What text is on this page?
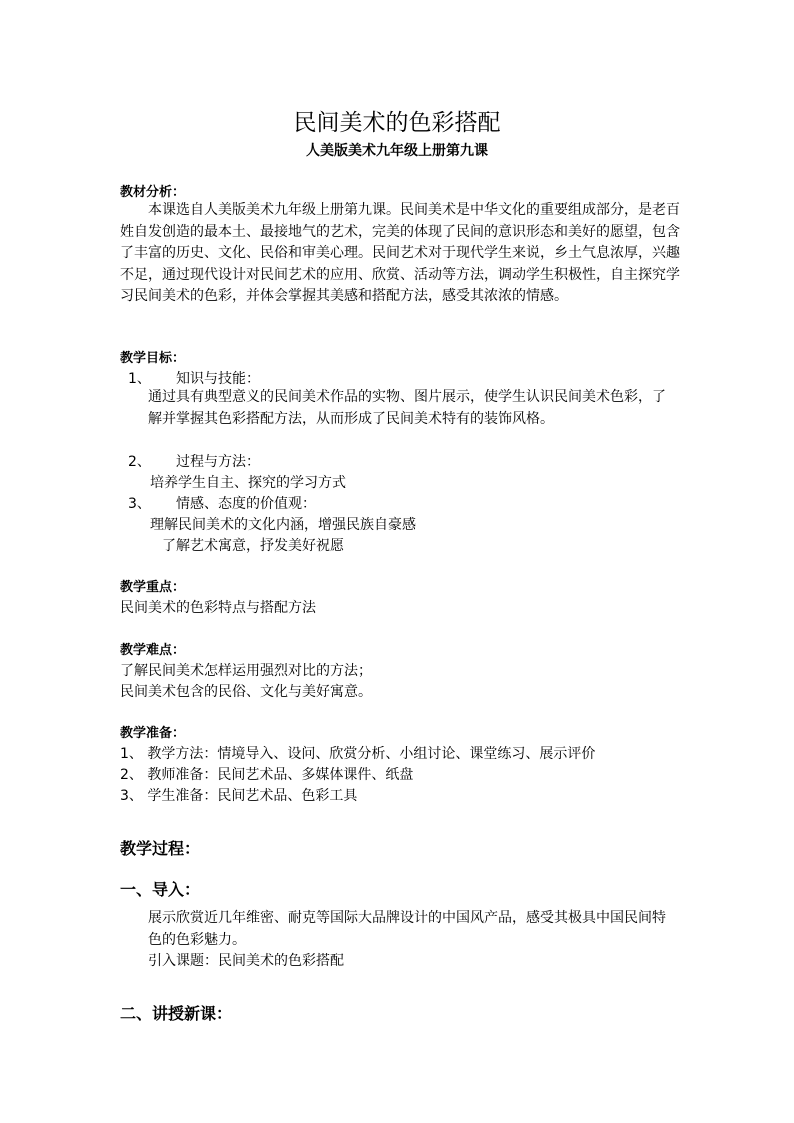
民间美术的色彩搭配
人美版美术九年级上册第九课
教材分析：
本课选自人美版美术九年级上册第九课。民间美术是中华文化的重要组成部分，是老百姓自发创造的最本土、最接地气的艺术，完美的体现了民间的意识形态和美好的愿望，包含了丰富的历史、文化、民俗和审美心理。民间艺术对于现代学生来说，乡土气息浓厚，兴趣不足，通过现代设计对民间艺术的应用、欣赏、活动等方法，调动学生积极性，自主探究学习民间美术的色彩，并体会掌握其美感和搭配方法，感受其浓浓的情感。
教学目标：
1、 知识与技能：
通过具有典型意义的民间美术作品的实物、图片展示，使学生认识民间美术色彩，了解并掌握其色彩搭配方法，从而形成了民间美术特有的装饰风格。
2、 过程与方法：
培养学生自主、探究的学习方式
3、 情感、态度的价值观：
理解民间美术的文化内涵，增强民族自豪感
了解艺术寓意，抒发美好祝愿
教学重点：
民间美术的色彩特点与搭配方法
教学难点：
了解民间美术怎样运用强烈对比的方法；
民间美术包含的民俗、文化与美好寓意。
教学准备：
1、 教学方法：情境导入、设问、欣赏分析、小组讨论、课堂练习、展示评价
2、 教师准备：民间艺术品、多媒体课件、纸盘
3、 学生准备：民间艺术品、色彩工具
教学过程：
一、导入：
展示欣赏近几年维密、耐克等国际大品牌设计的中国风产品，感受其极具中国民间特色的色彩魅力。
引入课题：民间美术的色彩搭配
二、讲授新课：
